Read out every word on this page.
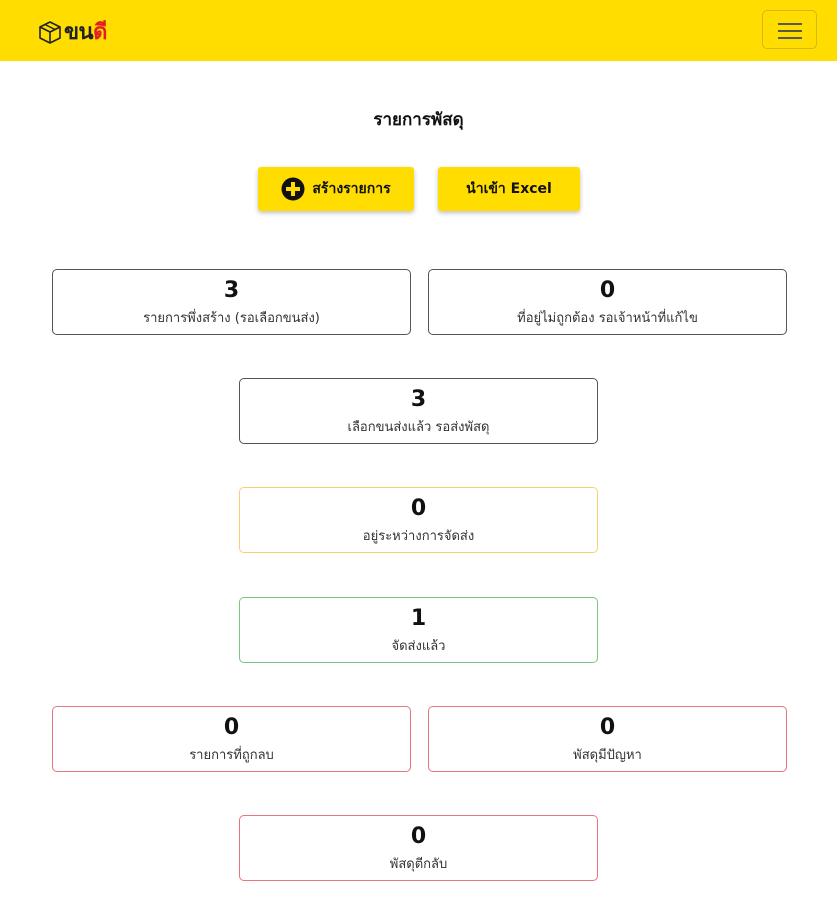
ขนดี
รายการพัสดุ
สร้างรายการ	นำเข้า Excel
3
รายการพึ่งสร้าง (รอเลือกขนส่ง)
0
ที่อยู่ไม่ถูกต้อง รอเจ้าหน้าที่แก้ไข
3
เลือกขนส่งแล้ว รอส่งพัสดุ
0
อยู่ระหว่างการจัดส่ง
1
จัดส่งแล้ว
0
รายการที่ถูกลบ
0
พัสดุมีปัญหา
0
พัสดุตีกลับ
